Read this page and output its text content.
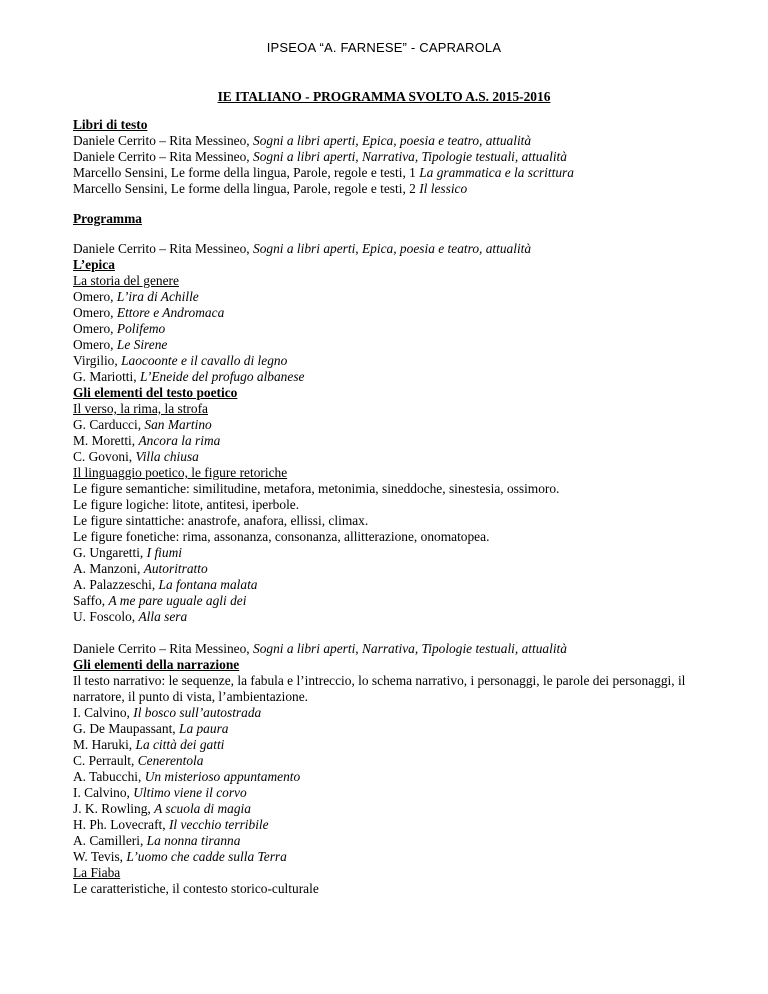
IPSEOA “A. FARNESE” - CAPRAROLA
IE ITALIANO - PROGRAMMA SVOLTO A.S. 2015-2016
Libri di testo
Daniele Cerrito – Rita Messineo, Sogni a libri aperti, Epica, poesia e teatro, attualità
Daniele Cerrito – Rita Messineo, Sogni a libri aperti, Narrativa, Tipologie testuali, attualità
Marcello Sensini, Le forme della lingua, Parole, regole e testi, 1 La grammatica e la scrittura
Marcello Sensini, Le forme della lingua, Parole, regole e testi, 2 Il lessico
Programma
Daniele Cerrito – Rita Messineo, Sogni a libri aperti, Epica, poesia e teatro, attualità
L’epica
La storia del genere
Omero, L’ira di Achille
Omero, Ettore e Andromaca
Omero, Polifemo
Omero, Le Sirene
Virgilio, Laocoonte e il cavallo di legno
G. Mariotti, L’Eneide del profugo albanese
Gli elementi del testo poetico
Il verso, la rima, la strofa
G. Carducci, San Martino
M. Moretti, Ancora la rima
C. Govoni, Villa chiusa
Il linguaggio poetico, le figure retoriche
Le figure semantiche: similitudine, metafora, metonimia, sineddoche, sinestesia, ossimoro.
Le figure logiche: litote, antitesi, iperbole.
Le figure sintattiche: anastrofe, anafora, ellissi, climax.
Le figure fonetiche: rima, assonanza, consonanza, allitterazione, onomatopea.
G. Ungaretti, I fiumi
A. Manzoni, Autoritratto
A. Palazzeschi, La fontana malata
Saffo, A me pare uguale agli dei
U. Foscolo, Alla sera
Daniele Cerrito – Rita Messineo, Sogni a libri aperti, Narrativa, Tipologie testuali, attualità
Gli elementi della narrazione
Il testo narrativo: le sequenze, la fabula e l’intreccio, lo schema narrativo, i personaggi, le parole dei personaggi, il narratore, il punto di vista, l’ambientazione.
I. Calvino, Il bosco sull’autostrada
G. De Maupassant, La paura
M. Haruki, La città dei gatti
C. Perrault, Cenerentola
A. Tabucchi, Un misterioso appuntamento
I. Calvino, Ultimo viene il corvo
J. K. Rowling, A scuola di magia
H. Ph. Lovecraft, Il vecchio terribile
A. Camilleri, La nonna tiranna
W. Tevis, L’uomo che cadde sulla Terra
La Fiaba
Le caratteristiche, il contesto storico-culturale
